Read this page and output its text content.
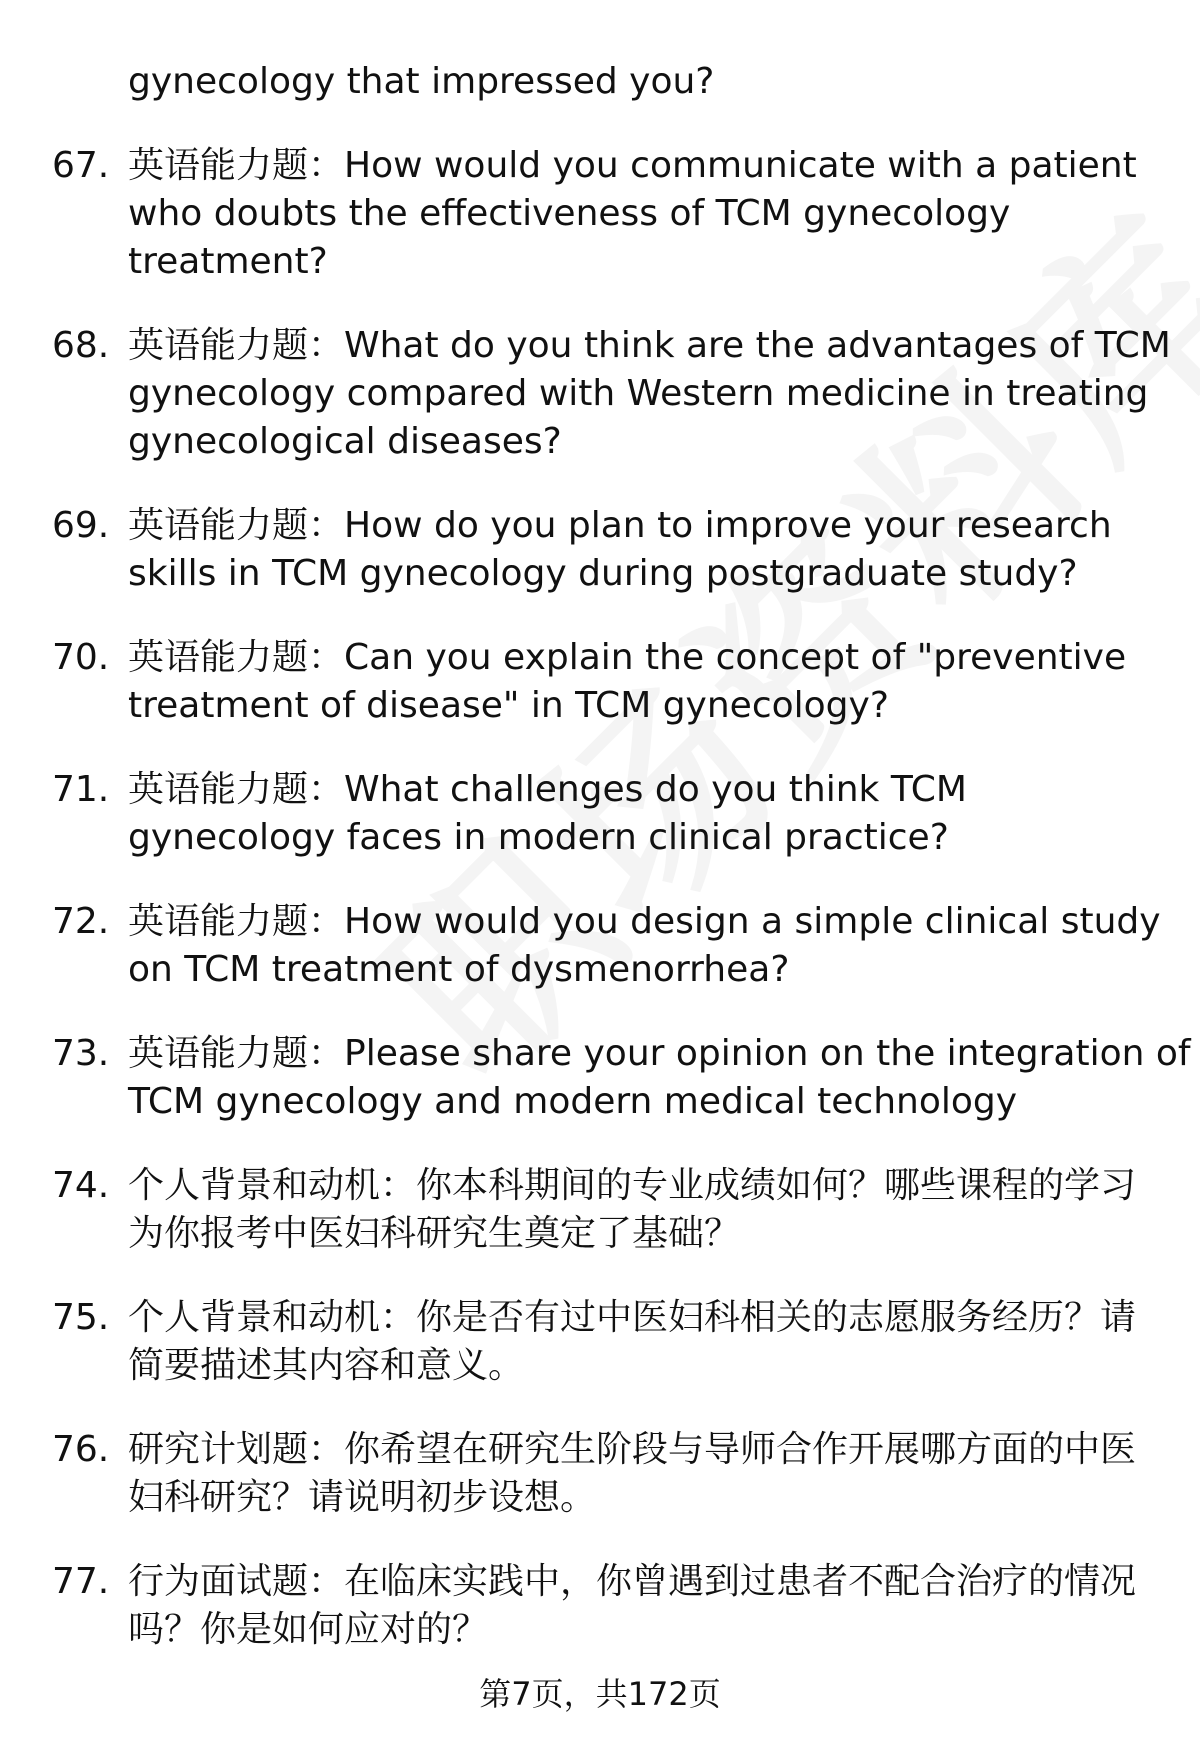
gynecology that impressed you?
67. 英语能力题：How would you communicate with a patient
who doubts the effectiveness of TCM gynecology
treatment?
68. 英语能力题：What do you think are the advantages of TCM
gynecology compared with Western medicine in treating
gynecological diseases?
69. 英语能力题：How do you plan to improve your research
skills in TCM gynecology during postgraduate study?
70. 英语能力题：Can you explain the concept of "preventive
treatment of disease" in TCM gynecology?
71. 英语能力题：What challenges do you think TCM
gynecology faces in modern clinical practice?
72. 英语能力题：How would you design a simple clinical study
on TCM treatment of dysmenorrhea?
73. 英语能力题：Please share your opinion on the integration of
TCM gynecology and modern medical technology
74. 个人背景和动机：你本科期间的专业成绩如何？哪些课程的学习
为你报考中医妇科研究生奠定了基础？
75. 个人背景和动机：你是否有过中医妇科相关的志愿服务经历？请
简要描述其内容和意义。
76. 研究计划题：你希望在研究生阶段与导师合作开展哪方面的中医
妇科研究？请说明初步设想。
77. 行为面试题：在临床实践中，你曾遇到过患者不配合治疗的情况
吗？你是如何应对的？
第7页，共172页
